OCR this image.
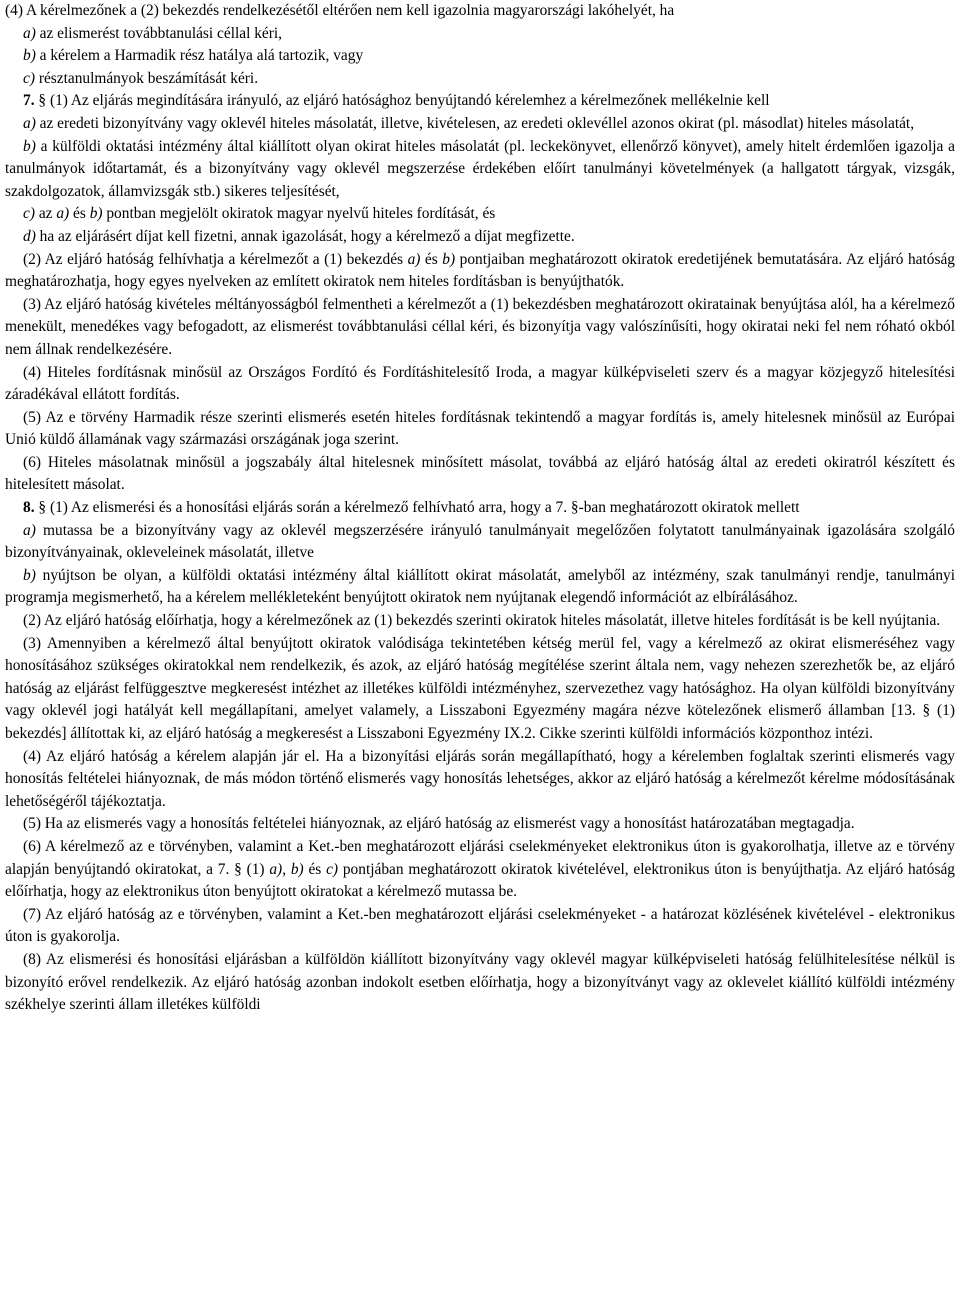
(4) A kérelmezőnek a (2) bekezdés rendelkezésétől eltérően nem kell igazolnia magyarországi lakóhelyét, ha

a) az elismerést továbbtanulási céllal kéri,

b) a kérelem a Harmadik rész hatálya alá tartozik, vagy

c) résztanulmányok beszámítását kéri.

7. § (1) Az eljárás megindítására irányuló, az eljáró hatósághoz benyújtandó kérelemhez a kérelmezőnek mellékelnie kell

a) az eredeti bizonyítvány vagy oklevél hiteles másolatát, illetve, kivételesen, az eredeti oklevéllel azonos okirat (pl. másodlat) hiteles másolatát,

b) a külföldi oktatási intézmény által kiállított olyan okirat hiteles másolatát (pl. leckekönyvet, ellenőrző könyvet), amely hitelt érdemlően igazolja a tanulmányok időtartamát, és a bizonyítvány vagy oklevél megszerzése érdekében előírt tanulmányi követelmények (a hallgatott tárgyak, vizsgák, szakdolgozatok, államvizsgák stb.) sikeres teljesítését,

c) az a) és b) pontban megjelölt okiratok magyar nyelvű hiteles fordítását, és

d) ha az eljárásért díjat kell fizetni, annak igazolását, hogy a kérelmező a díjat megfizette.

(2) Az eljáró hatóság felhívhatja a kérelmezőt a (1) bekezdés a) és b) pontjaiban meghatározott okiratok eredetijének bemutatására. Az eljáró hatóság meghatározhatja, hogy egyes nyelveken az említett okiratok nem hiteles fordításban is benyújthatók.

(3) Az eljáró hatóság kivételes méltányosságból felmentheti a kérelmezőt a (1) bekezdésben meghatározott okiratainak benyújtása alól, ha a kérelmező menekült, menedékes vagy befogadott, az elismerést továbbtanulási céllal kéri, és bizonyítja vagy valószínűsíti, hogy okiratai neki fel nem róható okból nem állnak rendelkezésére.

(4) Hiteles fordításnak minősül az Országos Fordító és Fordításhitelesítő Iroda, a magyar külképviseleti szerv és a magyar közjegyző hitelesítési záradékával ellátott fordítás.

(5) Az e törvény Harmadik része szerinti elismerés esetén hiteles fordításnak tekintendő a magyar fordítás is, amely hitelesnek minősül az Európai Unió küldő államának vagy származási országának joga szerint.

(6) Hiteles másolatnak minősül a jogszabály által hitelesnek minősített másolat, továbbá az eljáró hatóság által az eredeti okiratról készített és hitelesített másolat.

8. § (1) Az elismerési és a honosítási eljárás során a kérelmező felhívható arra, hogy a 7. §-ban meghatározott okiratok mellett

a) mutassa be a bizonyítvány vagy az oklevél megszerzésére irányuló tanulmányait megelőzően folytatott tanulmányainak igazolására szolgáló bizonyítványainak, okleveleinek másolatát, illetve

b) nyújtson be olyan, a külföldi oktatási intézmény által kiállított okirat másolatát, amelyből az intézmény, szak tanulmányi rendje, tanulmányi programja megismerhető, ha a kérelem mellékleteként benyújtott okiratok nem nyújtanak elegendő információt az elbírálásához.

(2) Az eljáró hatóság előírhatja, hogy a kérelmezőnek az (1) bekezdés szerinti okiratok hiteles másolatát, illetve hiteles fordítását is be kell nyújtania.

(3) Amennyiben a kérelmező által benyújtott okiratok valódisága tekintetében kétség merül fel, vagy a kérelmező az okirat elismeréséhez vagy honosításához szükséges okiratokkal nem rendelkezik, és azok, az eljáró hatóság megítélése szerint általa nem, vagy nehezen szerezhetők be, az eljáró hatóság az eljárást felfüggesztve megkeresést intézhet az illetékes külföldi intézményhez, szervezethez vagy hatósághoz. Ha olyan külföldi bizonyítvány vagy oklevél jogi hatályát kell megállapítani, amelyet valamely, a Lisszaboni Egyezmény magára nézve kötelezőnek elismerő államban [13. § (1) bekezdés] állítottak ki, az eljáró hatóság a megkeresést a Lisszaboni Egyezmény IX.2. Cikke szerinti külföldi információs központhoz intézi.

(4) Az eljáró hatóság a kérelem alapján jár el. Ha a bizonyítási eljárás során megállapítható, hogy a kérelemben foglaltak szerinti elismerés vagy honosítás feltételei hiányoznak, de más módon történő elismerés vagy honosítás lehetséges, akkor az eljáró hatóság a kérelmezőt kérelme módosításának lehetőségéről tájékoztatja.

(5) Ha az elismerés vagy a honosítás feltételei hiányoznak, az eljáró hatóság az elismerést vagy a honosítást határozatában megtagadja.

(6) A kérelmező az e törvényben, valamint a Ket.-ben meghatározott eljárási cselekményeket elektronikus úton is gyakorolhatja, illetve az e törvény alapján benyújtandó okiratokat, a 7. § (1) a), b) és c) pontjában meghatározott okiratok kivételével, elektronikus úton is benyújthatja. Az eljáró hatóság előírhatja, hogy az elektronikus úton benyújtott okiratokat a kérelmező mutassa be.

(7) Az eljáró hatóság az e törvényben, valamint a Ket.-ben meghatározott eljárási cselekményeket - a határozat közlésének kivételével - elektronikus úton is gyakorolja.

(8) Az elismerési és honosítási eljárásban a külföldön kiállított bizonyítvány vagy oklevél magyar külképviseleti hatóság felülhitelesítése nélkül is bizonyító erővel rendelkezik. Az eljáró hatóság azonban indokolt esetben előírhatja, hogy a bizonyítványt vagy az oklevelet kiállító külföldi intézmény székhelye szerinti állam illetékes külföldi
